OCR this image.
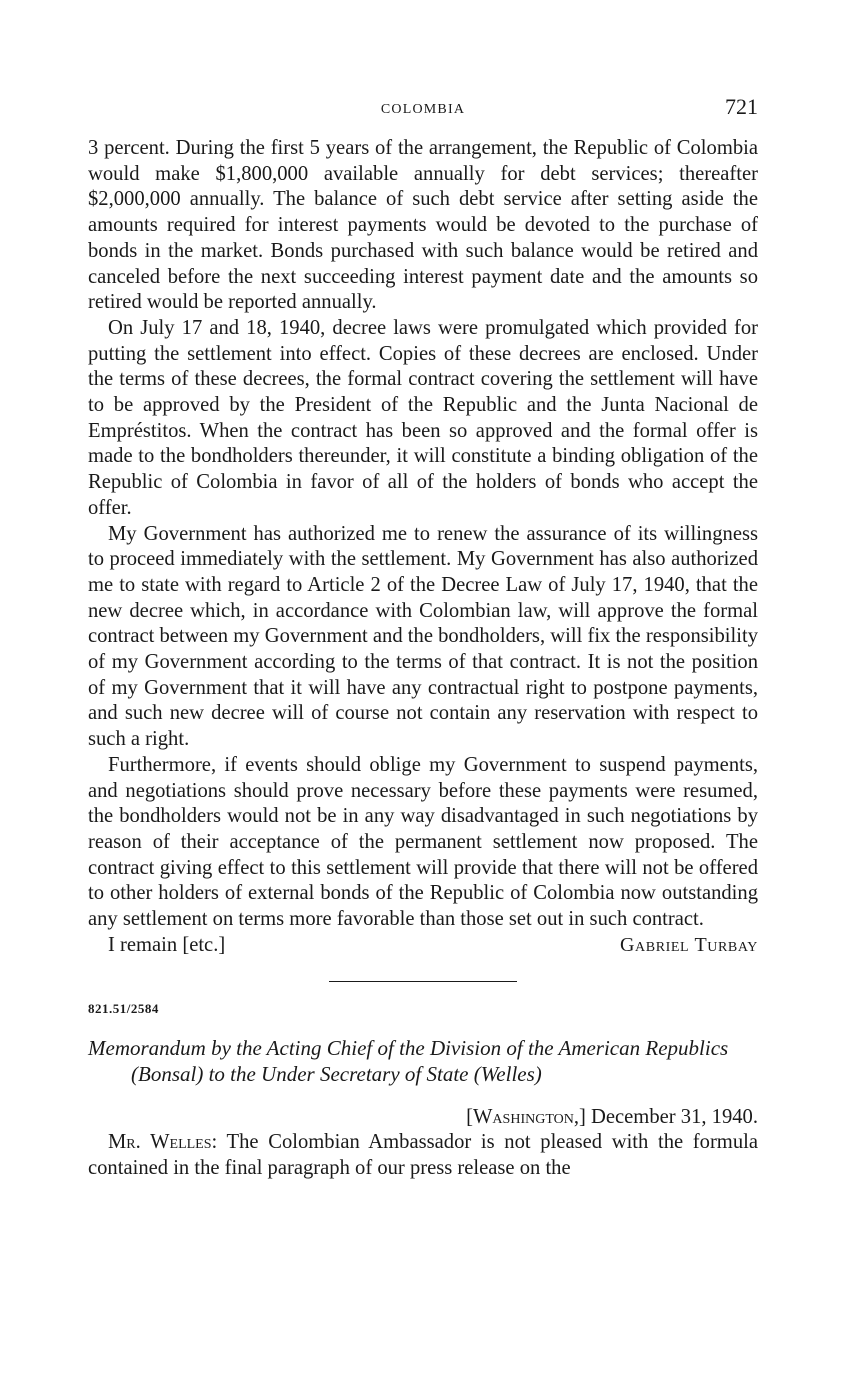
COLOMBIA	721

3 percent. During the first 5 years of the arrangement, the Republic of Colombia would make $1,800,000 available annually for debt services; thereafter $2,000,000 annually. The balance of such debt service after setting aside the amounts required for interest payments would be devoted to the purchase of bonds in the market. Bonds purchased with such balance would be retired and canceled before the next succeeding interest payment date and the amounts so retired would be reported annually.

On July 17 and 18, 1940, decree laws were promulgated which provided for putting the settlement into effect. Copies of these decrees are enclosed. Under the terms of these decrees, the formal contract covering the settlement will have to be approved by the President of the Republic and the Junta Nacional de Empréstitos. When the contract has been so approved and the formal offer is made to the bondholders thereunder, it will constitute a binding obligation of the Republic of Colombia in favor of all of the holders of bonds who accept the offer.

My Government has authorized me to renew the assurance of its willingness to proceed immediately with the settlement. My Government has also authorized me to state with regard to Article 2 of the Decree Law of July 17, 1940, that the new decree which, in accordance with Colombian law, will approve the formal contract between my Government and the bondholders, will fix the responsibility of my Government according to the terms of that contract. It is not the position of my Government that it will have any contractual right to postpone payments, and such new decree will of course not contain any reservation with respect to such a right.

Furthermore, if events should oblige my Government to suspend payments, and negotiations should prove necessary before these payments were resumed, the bondholders would not be in any way disadvantaged in such negotiations by reason of their acceptance of the permanent settlement now proposed. The contract giving effect to this settlement will provide that there will not be offered to other holders of external bonds of the Republic of Colombia now outstanding any settlement on terms more favorable than those set out in such contract.

I remain [etc.]	Gabriel Turbay
821.51/2584
Memorandum by the Acting Chief of the Division of the American Republics (Bonsal) to the Under Secretary of State (Welles)
[Washington,] December 31, 1940.

Mr. Welles: The Colombian Ambassador is not pleased with the formula contained in the final paragraph of our press release on the
